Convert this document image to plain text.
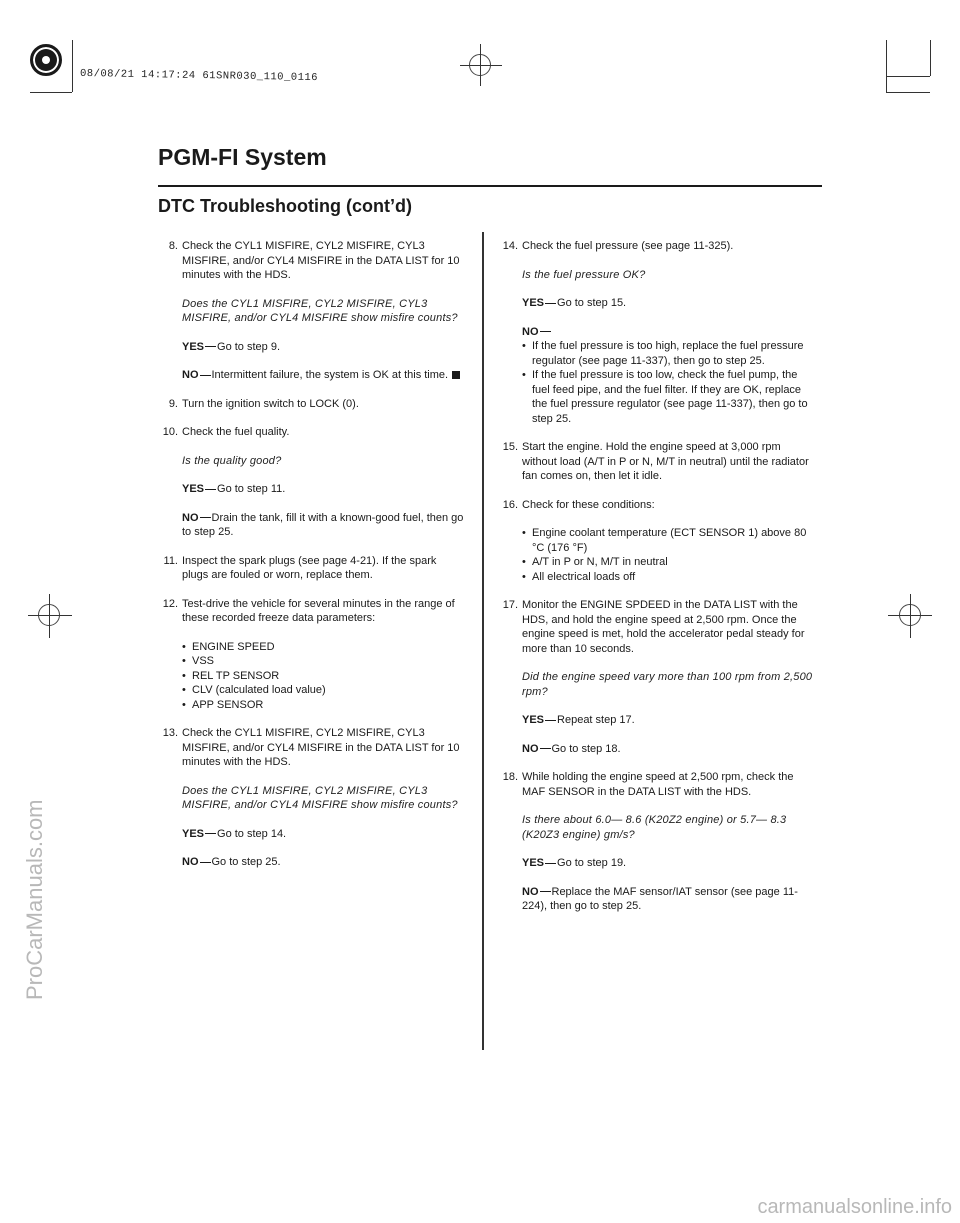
08/08/21 14:17:24 61SNR030_110_0116
ProCarManuals.com
carmanualsonline.info
PGM-FI System
DTC Troubleshooting (cont’d)
8. Check the CYL1 MISFIRE, CYL2 MISFIRE, CYL3 MISFIRE, and/or CYL4 MISFIRE in the DATA LIST for 10 minutes with the HDS.
Does the CYL1 MISFIRE, CYL2 MISFIRE, CYL3 MISFIRE, and/or CYL4 MISFIRE show misfire counts?
YES Go to step 9.
NO Intermittent failure, the system is OK at this time.
9. Turn the ignition switch to LOCK (0).
10. Check the fuel quality.
Is the quality good?
YES Go to step 11.
NO Drain the tank, fill it with a known-good fuel, then go to step 25.
11. Inspect the spark plugs (see page 4-21). If the spark plugs are fouled or worn, replace them.
12. Test-drive the vehicle for several minutes in the range of these recorded freeze data parameters:
• ENGINE SPEED
• VSS
• REL TP SENSOR
• CLV (calculated load value)
• APP SENSOR
13. Check the CYL1 MISFIRE, CYL2 MISFIRE, CYL3 MISFIRE, and/or CYL4 MISFIRE in the DATA LIST for 10 minutes with the HDS.
Does the CYL1 MISFIRE, CYL2 MISFIRE, CYL3 MISFIRE, and/or CYL4 MISFIRE show misfire counts?
YES Go to step 14.
NO Go to step 25.
14. Check the fuel pressure (see page 11-325).
Is the fuel pressure OK?
YES Go to step 15.
NO
• If the fuel pressure is too high, replace the fuel pressure regulator (see page 11-337), then go to step 25.
• If the fuel pressure is too low, check the fuel pump, the fuel feed pipe, and the fuel filter. If they are OK, replace the fuel pressure regulator (see page 11-337), then go to step 25.
15. Start the engine. Hold the engine speed at 3,000 rpm without load (A/T in P or N, M/T in neutral) until the radiator fan comes on, then let it idle.
16. Check for these conditions:
• Engine coolant temperature (ECT SENSOR 1) above 80 °C (176 °F)
• A/T in P or N, M/T in neutral
• All electrical loads off
17. Monitor the ENGINE SPDEED in the DATA LIST with the HDS, and hold the engine speed at 2,500 rpm. Once the engine speed is met, hold the accelerator pedal steady for more than 10 seconds.
Did the engine speed vary more than 100 rpm from 2,500 rpm?
YES Repeat step 17.
NO Go to step 18.
18. While holding the engine speed at 2,500 rpm, check the MAF SENSOR in the DATA LIST with the HDS.
Is there about 6.0— 8.6 (K20Z2 engine) or 5.7— 8.3 (K20Z3 engine) gm/s?
YES Go to step 19.
NO Replace the MAF sensor/IAT sensor (see page 11-224), then go to step 25.
